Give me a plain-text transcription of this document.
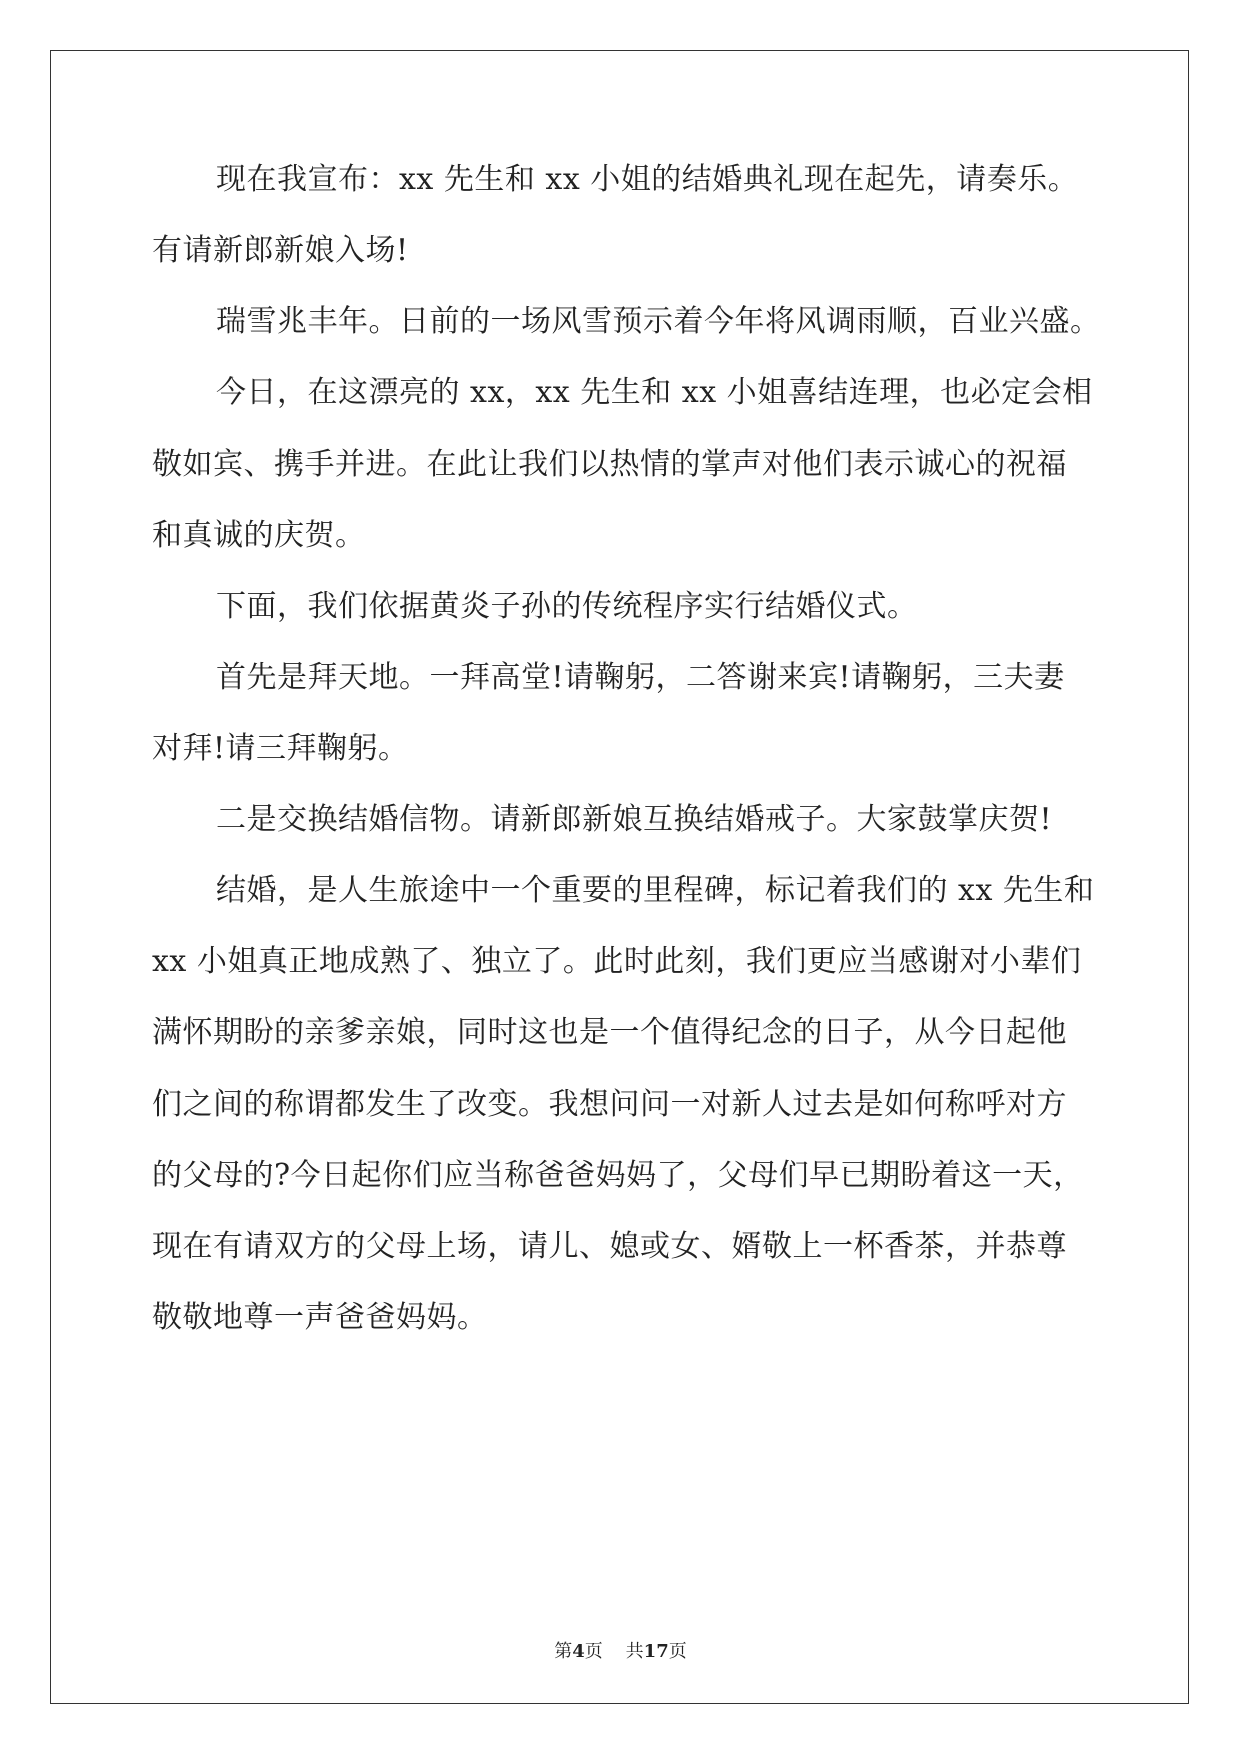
现在我宣布：xx 先生和 xx 小姐的结婚典礼现在起先，请奏乐。
有请新郎新娘入场!
瑞雪兆丰年。日前的一场风雪预示着今年将风调雨顺，百业兴盛。
今日，在这漂亮的 xx，xx 先生和 xx 小姐喜结连理，也必定会相
敬如宾、携手并进。在此让我们以热情的掌声对他们表示诚心的祝福
和真诚的庆贺。
下面，我们依据黄炎子孙的传统程序实行结婚仪式。
首先是拜天地。一拜高堂!请鞠躬，二答谢来宾!请鞠躬，三夫妻
对拜!请三拜鞠躬。
二是交换结婚信物。请新郎新娘互换结婚戒子。大家鼓掌庆贺!
结婚，是人生旅途中一个重要的里程碑，标记着我们的 xx 先生和
xx 小姐真正地成熟了、独立了。此时此刻，我们更应当感谢对小辈们
满怀期盼的亲爹亲娘，同时这也是一个值得纪念的日子，从今日起他
们之间的称谓都发生了改变。我想问问一对新人过去是如何称呼对方
的父母的?今日起你们应当称爸爸妈妈了，父母们早已期盼着这一天，
现在有请双方的父母上场，请儿、媳或女、婿敬上一杯香茶，并恭尊
敬敬地尊一声爸爸妈妈。
第4页 共17页
